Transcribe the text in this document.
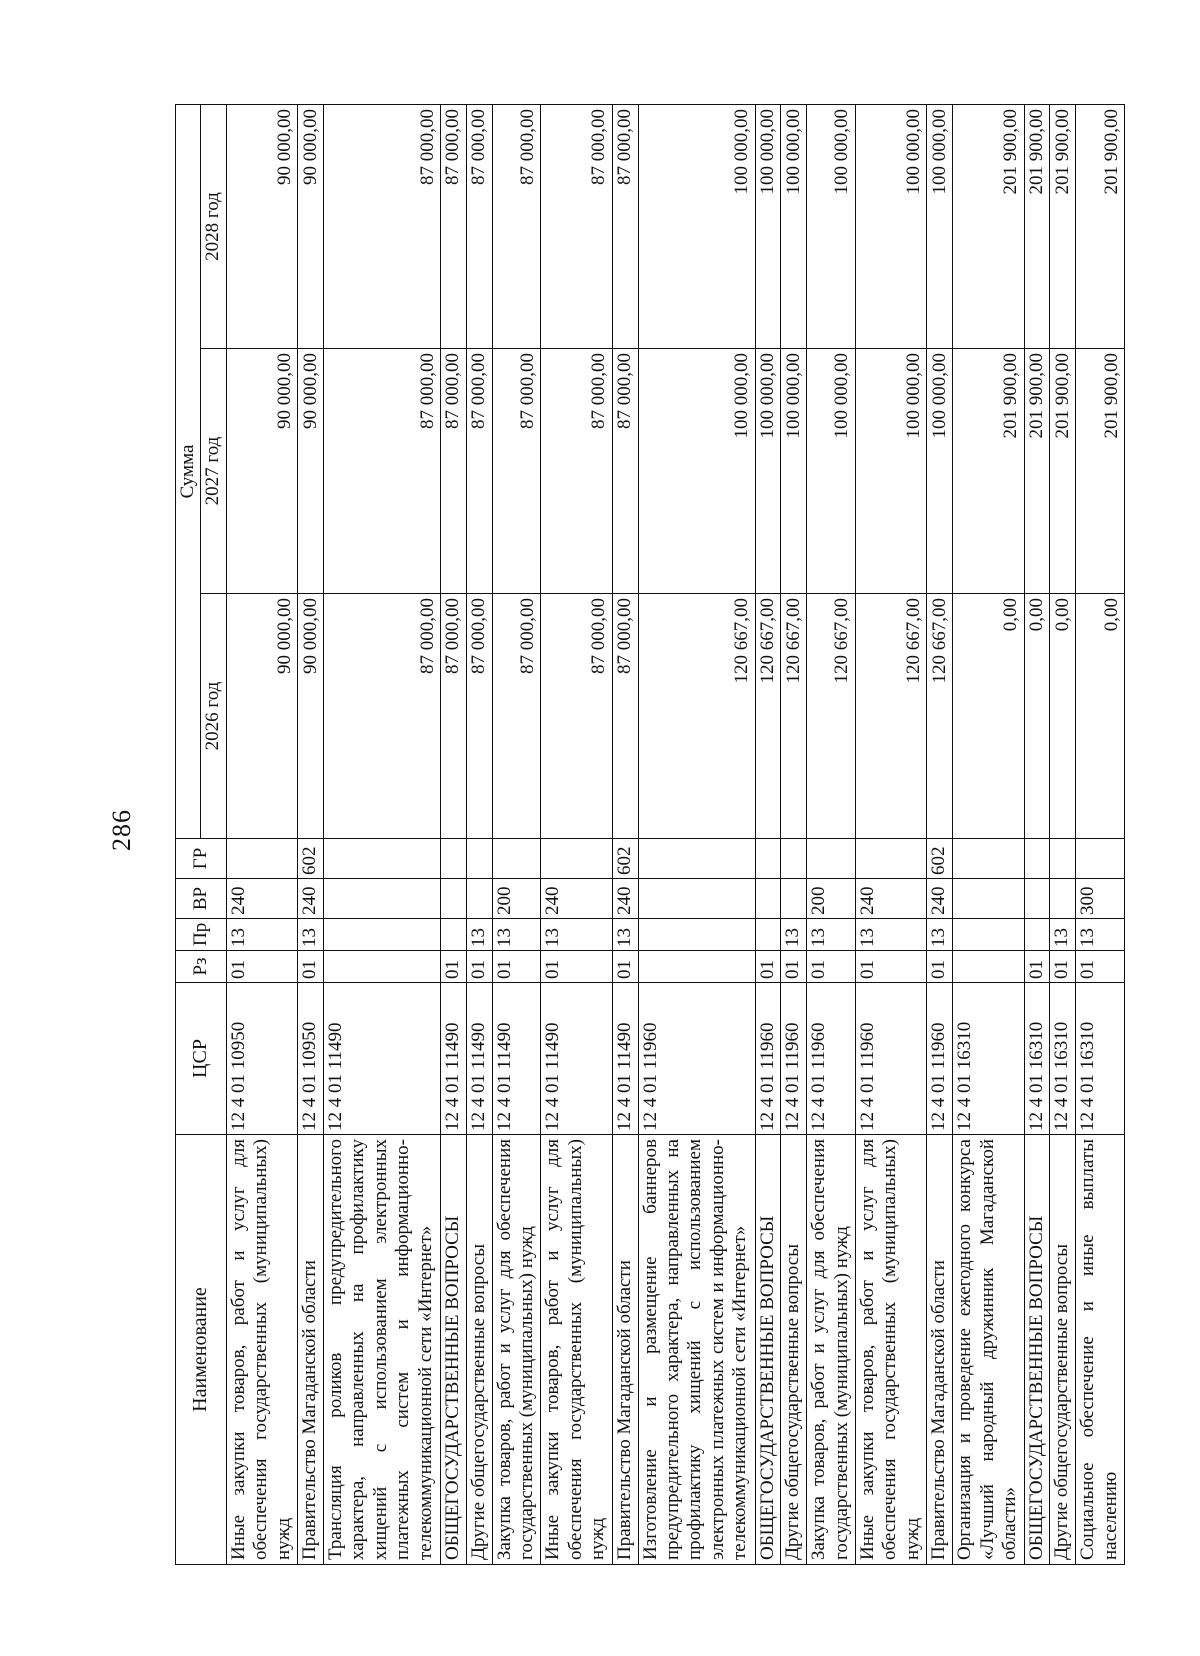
286
Наименование	ЦСР	Рз	Пр	ВР	ГР	Сумма		
						2026 год	2027 год	2028 год
Иные закупки товаров, работ и услуг для обеспечения государственных (муниципальных) нужд	12 4 01 10950	01	13	240		90 000,00	90 000,00	90 000,00
Правительство Магаданской области	12 4 01 10950	01	13	240	602	90 000,00	90 000,00	90 000,00
Трансляция роликов предупредительного характера, направленных на профилактику хищений с использованием электронных платежных систем и информационно-телекоммуникационной сети «Интернет»	12 4 01 11490					87 000,00	87 000,00	87 000,00
ОБЩЕГОСУДАРСТВЕННЫЕ ВОПРОСЫ	12 4 01 11490	01				87 000,00	87 000,00	87 000,00
Другие общегосударственные вопросы	12 4 01 11490	01	13			87 000,00	87 000,00	87 000,00
Закупка товаров, работ и услуг для обеспечения государственных (муниципальных) нужд	12 4 01 11490	01	13	200		87 000,00	87 000,00	87 000,00
Иные закупки товаров, работ и услуг для обеспечения государственных (муниципальных) нужд	12 4 01 11490	01	13	240		87 000,00	87 000,00	87 000,00
Правительство Магаданской области	12 4 01 11490	01	13	240	602	87 000,00	87 000,00	87 000,00
Изготовление и размещение баннеров предупредительного характера, направленных на профилактику хищений с использованием электронных платежных систем и информационно-телекоммуникационной сети «Интернет»	12 4 01 11960					120 667,00	100 000,00	100 000,00
ОБЩЕГОСУДАРСТВЕННЫЕ ВОПРОСЫ	12 4 01 11960	01				120 667,00	100 000,00	100 000,00
Другие общегосударственные вопросы	12 4 01 11960	01	13			120 667,00	100 000,00	100 000,00
Закупка товаров, работ и услуг для обеспечения государственных (муниципальных) нужд	12 4 01 11960	01	13	200		120 667,00	100 000,00	100 000,00
Иные закупки товаров, работ и услуг для обеспечения государственных (муниципальных) нужд	12 4 01 11960	01	13	240		120 667,00	100 000,00	100 000,00
Правительство Магаданской области	12 4 01 11960	01	13	240	602	120 667,00	100 000,00	100 000,00
Организация и проведение ежегодного конкурса «Лучший народный дружинник Магаданской области»	12 4 01 16310					0,00	201 900,00	201 900,00
ОБЩЕГОСУДАРСТВЕННЫЕ ВОПРОСЫ	12 4 01 16310	01				0,00	201 900,00	201 900,00
Другие общегосударственные вопросы	12 4 01 16310	01	13			0,00	201 900,00	201 900,00
Социальное обеспечение и иные выплаты населению	12 4 01 16310	01	13	300		0,00	201 900,00	201 900,00
